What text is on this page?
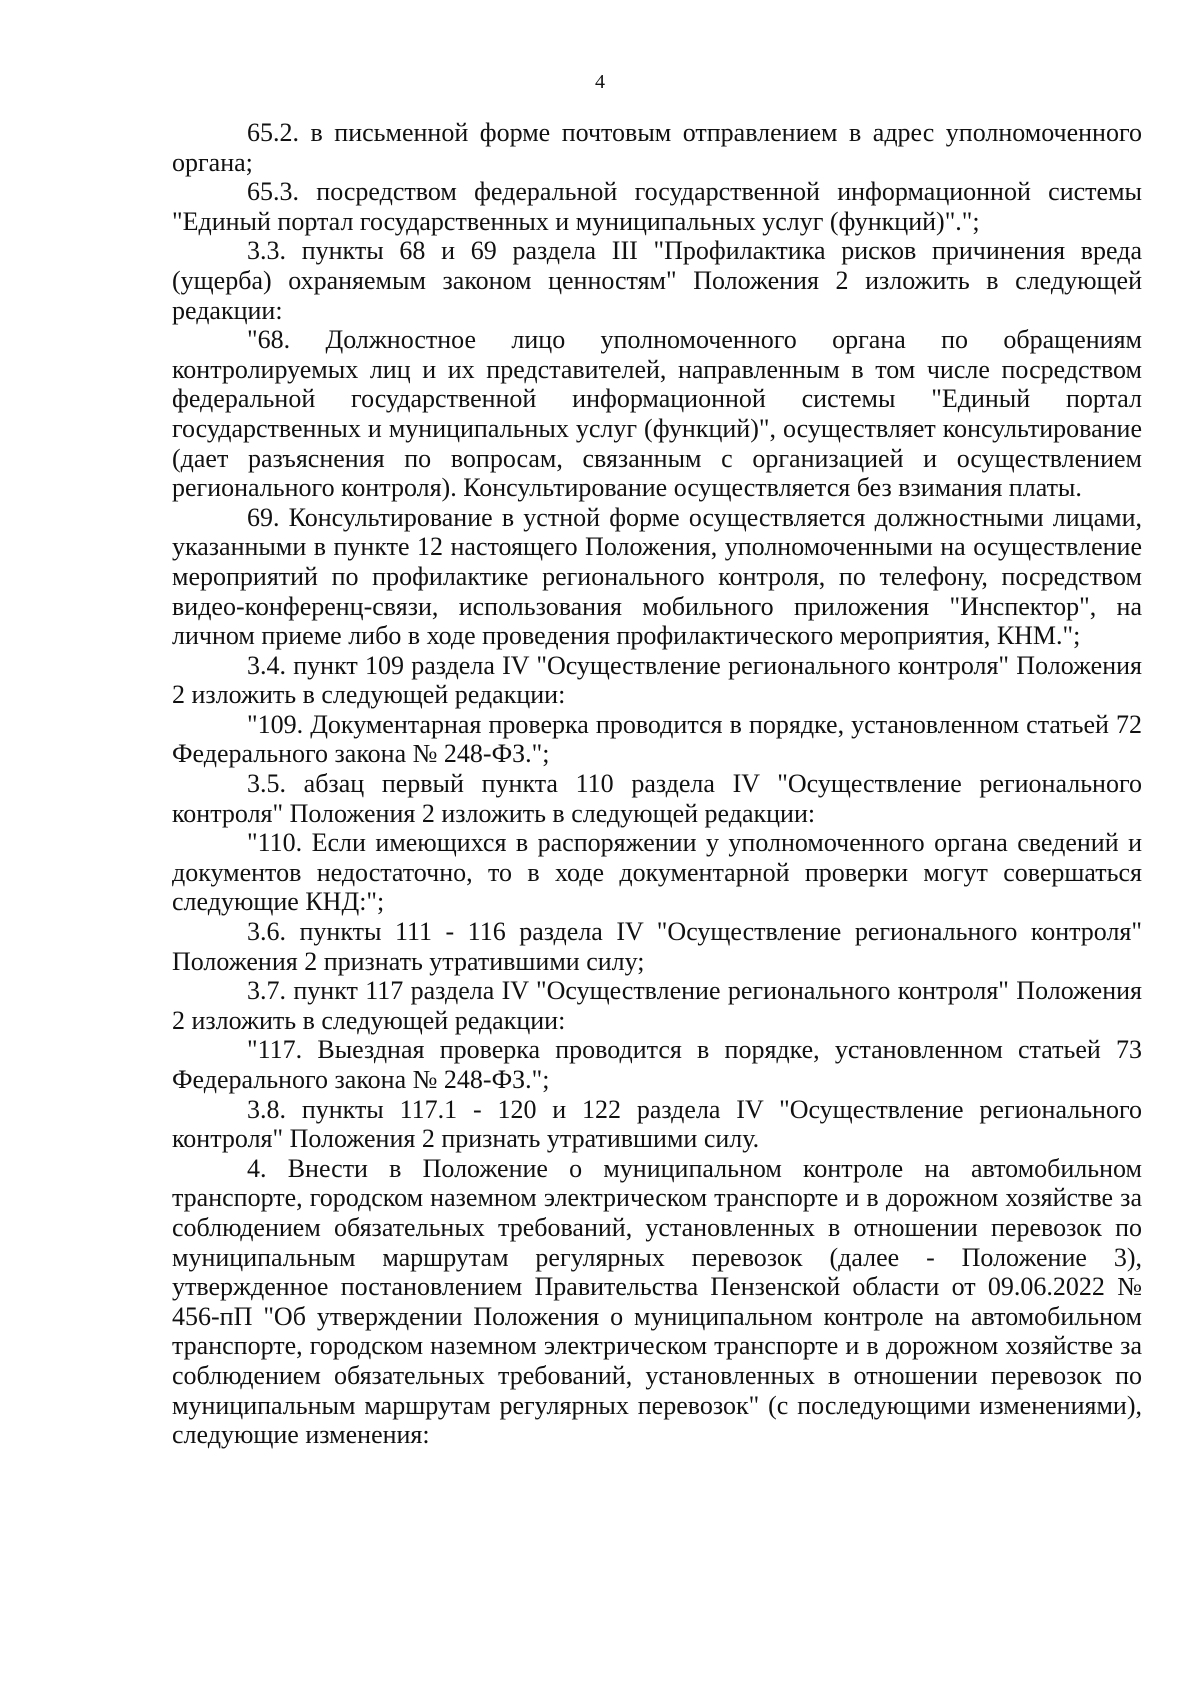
4

65.2. в письменной форме почтовым отправлением в адрес уполномоченного органа;

65.3. посредством федеральной государственной информационной системы "Единый портал государственных и муниципальных услуг (функций)".";

3.3. пункты 68 и 69 раздела III "Профилактика рисков причинения вреда (ущерба) охраняемым законом ценностям" Положения 2 изложить в следующей редакции:

"68. Должностное лицо уполномоченного органа по обращениям контролируемых лиц и их представителей, направленным в том числе посредством федеральной государственной информационной системы "Единый портал государственных и муниципальных услуг (функций)", осуществляет консультирование (дает разъяснения по вопросам, связанным с организацией и осуществлением регионального контроля). Консультирование осуществляется без взимания платы.

69. Консультирование в устной форме осуществляется должностными лицами, указанными в пункте 12 настоящего Положения, уполномоченными на осуществление мероприятий по профилактике регионального контроля, по телефону, посредством видео-конференц-связи, использования мобильного приложения "Инспектор", на личном приеме либо в ходе проведения профилактического мероприятия, КНМ.";

3.4. пункт 109 раздела IV "Осуществление регионального контроля" Положения 2 изложить в следующей редакции:

"109. Документарная проверка проводится в порядке, установленном статьей 72 Федерального закона № 248-ФЗ.";

3.5. абзац первый пункта 110 раздела IV "Осуществление регионального контроля" Положения 2 изложить в следующей редакции:

"110. Если имеющихся в распоряжении у уполномоченного органа сведений и документов недостаточно, то в ходе документарной проверки могут совершаться следующие КНД:";

3.6. пункты 111 - 116 раздела IV "Осуществление регионального контроля" Положения 2 признать утратившими силу;

3.7. пункт 117 раздела IV "Осуществление регионального контроля" Положения 2 изложить в следующей редакции:

"117. Выездная проверка проводится в порядке, установленном статьей 73 Федерального закона № 248-ФЗ.";

3.8. пункты 117.1 - 120 и 122 раздела IV "Осуществление регионального контроля" Положения 2 признать утратившими силу.

4. Внести в Положение о муниципальном контроле на автомобильном транспорте, городском наземном электрическом транспорте и в дорожном хозяйстве за соблюдением обязательных требований, установленных в отношении перевозок по муниципальным маршрутам регулярных перевозок (далее - Положение 3), утвержденное постановлением Правительства Пензенской области от 09.06.2022 № 456-пП "Об утверждении Положения о муниципальном контроле на автомобильном транспорте, городском наземном электрическом транспорте и в дорожном хозяйстве за соблюдением обязательных требований, установленных в отношении перевозок по муниципальным маршрутам регулярных перевозок" (с последующими изменениями), следующие изменения:
